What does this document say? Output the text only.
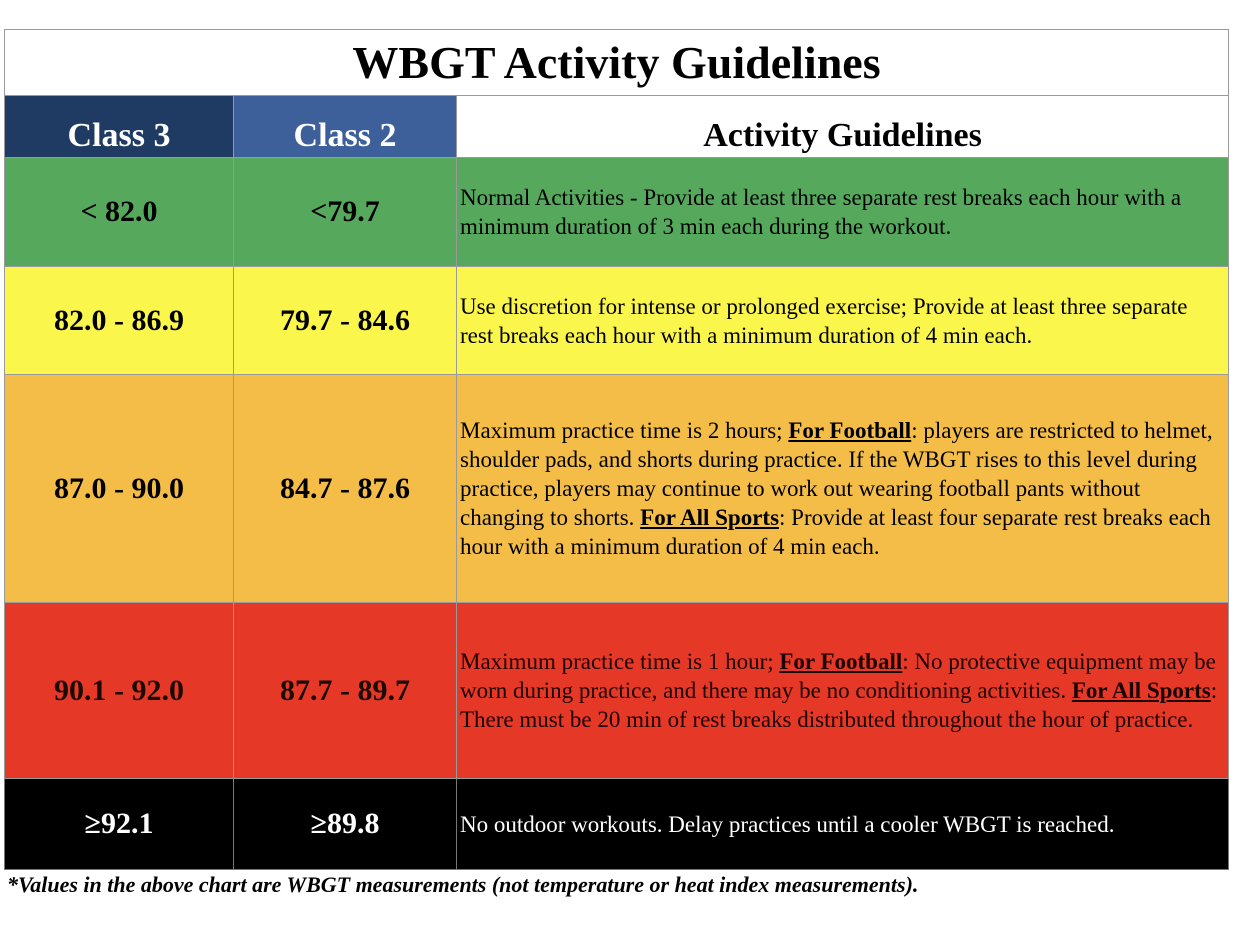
WBGT Activity Guidelines		
Class 3	Class 2	Activity Guidelines
< 82.0	<79.7	Normal Activities - Provide at least three separate rest breaks each hour with a minimum duration of 3 min each during the workout.
82.0 - 86.9	79.7 - 84.6	Use discretion for intense or prolonged exercise; Provide at least three separate rest breaks each hour with a minimum duration of 4 min each.
87.0 - 90.0	84.7 - 87.6	Maximum practice time is 2 hours; For Football: players are restricted to helmet, shoulder pads, and shorts during practice. If the WBGT rises to this level during practice, players may continue to work out wearing football pants without changing to shorts. For All Sports: Provide at least four separate rest breaks each hour with a minimum duration of 4 min each.
90.1 - 92.0	87.7 - 89.7	Maximum practice time is 1 hour; For Football: No protective equipment may be worn during practice, and there may be no conditioning activities. For All Sports: There must be 20 min of rest breaks distributed throughout the hour of practice.
≥92.1	≥89.8	No outdoor workouts. Delay practices until a cooler WBGT is reached.
*Values in the above chart are WBGT measurements (not temperature or heat index measurements).
